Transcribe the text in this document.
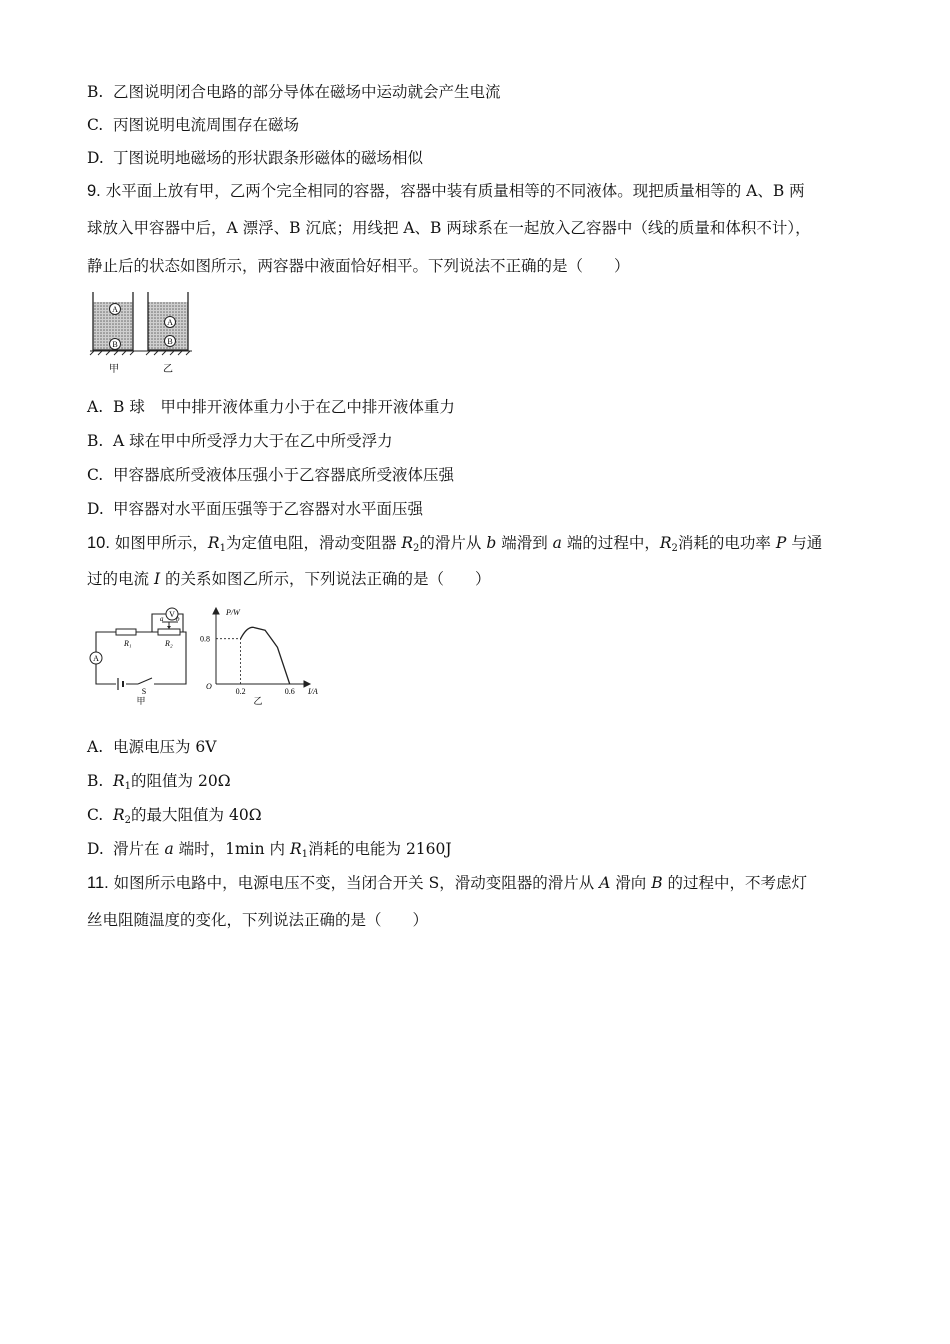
B. 乙图说明闭合电路的部分导体在磁场中运动就会产生电流
C. 丙图说明电流周围存在磁场
D. 丁图说明地磁场的形状跟条形磁体的磁场相似
9. 水平面上放有甲，乙两个完全相同的容器，容器中装有质量相等的不同液体。现把质量相等的 A、B 两
球放入甲容器中后，A 漂浮、B 沉底；用线把 A、B 两球系在一起放入乙容器中（线的质量和体积不计），
静止后的状态如图所示，两容器中液面恰好相平。下列说法不正确的是（　　）
A
B
A
B
甲	乙
A. B 球　甲中排开液体重力小于在乙中排开液体重力
B. A 球在甲中所受浮力大于在乙中所受浮力
C. 甲容器底所受液体压强小于乙容器底所受液体压强
D. 甲容器对水平面压强等于乙容器对水平面压强
10. 如图甲所示，$R_1$为定值电阻，滑动变阻器 $R_2$的滑片从 b 端滑到 a 端的过程中，$R_2$消耗的电功率 P 与通
过的电流 I 的关系如图乙所示，下列说法正确的是（　　）
A
V
R₁
a b
R₂
S
甲
P/W
I/A
O
0.8
0.2	0.6
乙
A. 电源电压为 6V
B. $R_1$的阻值为 20Ω
C. $R_2$的最大阻值为 40Ω
D. 滑片在 a 端时，1min 内 $R_1$消耗的电能为 2160J
11. 如图所示电路中，电源电压不变，当闭合开关 S，滑动变阻器的滑片从 A 滑向 B 的过程中，不考虑灯
丝电阻随温度的变化，下列说法正确的是（　　）
